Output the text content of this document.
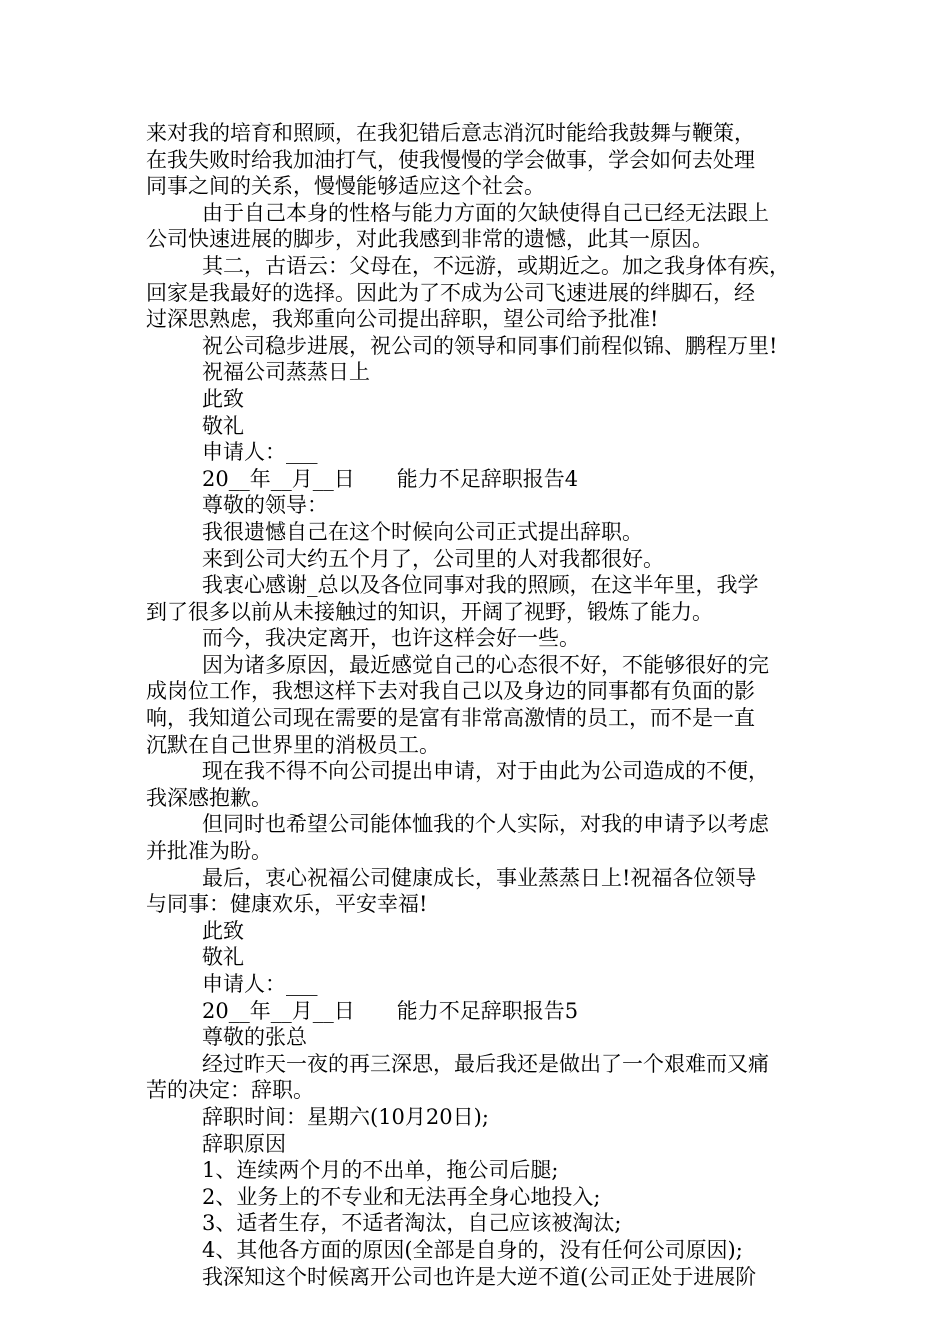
来对我的培育和照顾，在我犯错后意志消沉时能给我鼓舞与鞭策，
在我失败时给我加油打气，使我慢慢的学会做事，学会如何去处理
同事之间的关系，慢慢能够适应这个社会。
由于自己本身的性格与能力方面的欠缺使得自己已经无法跟上
公司快速进展的脚步，对此我感到非常的遗憾，此其一原因。
其二，古语云：父母在，不远游，或期近之。加之我身体有疾，
回家是我最好的选择。因此为了不成为公司飞速进展的绊脚石，经
过深思熟虑，我郑重向公司提出辞职，望公司给予批准!
祝公司稳步进展，祝公司的领导和同事们前程似锦、鹏程万里!
祝福公司蒸蒸日上
此致
敬礼
申请人：___
20__年__月__日　　能力不足辞职报告4
尊敬的领导：
我很遗憾自己在这个时候向公司正式提出辞职。
来到公司大约五个月了，公司里的人对我都很好。
我衷心感谢_总以及各位同事对我的照顾，在这半年里，我学
到了很多以前从未接触过的知识，开阔了视野，锻炼了能力。
而今，我决定离开，也许这样会好一些。
因为诸多原因，最近感觉自己的心态很不好，不能够很好的完
成岗位工作，我想这样下去对我自己以及身边的同事都有负面的影
响，我知道公司现在需要的是富有非常高激情的员工，而不是一直
沉默在自己世界里的消极员工。
现在我不得不向公司提出申请，对于由此为公司造成的不便，
我深感抱歉。
但同时也希望公司能体恤我的个人实际，对我的申请予以考虑
并批准为盼。
最后，衷心祝福公司健康成长，事业蒸蒸日上!祝福各位领导
与同事：健康欢乐，平安幸福!
此致
敬礼
申请人：___
20__年__月__日　　能力不足辞职报告5
尊敬的张总
经过昨天一夜的再三深思，最后我还是做出了一个艰难而又痛
苦的决定：辞职。
辞职时间：星期六(10月20日);
辞职原因
1、连续两个月的不出单，拖公司后腿;
2、业务上的不专业和无法再全身心地投入;
3、适者生存，不适者淘汰，自己应该被淘汰;
4、其他各方面的原因(全部是自身的，没有任何公司原因);
我深知这个时候离开公司也许是大逆不道(公司正处于进展阶
